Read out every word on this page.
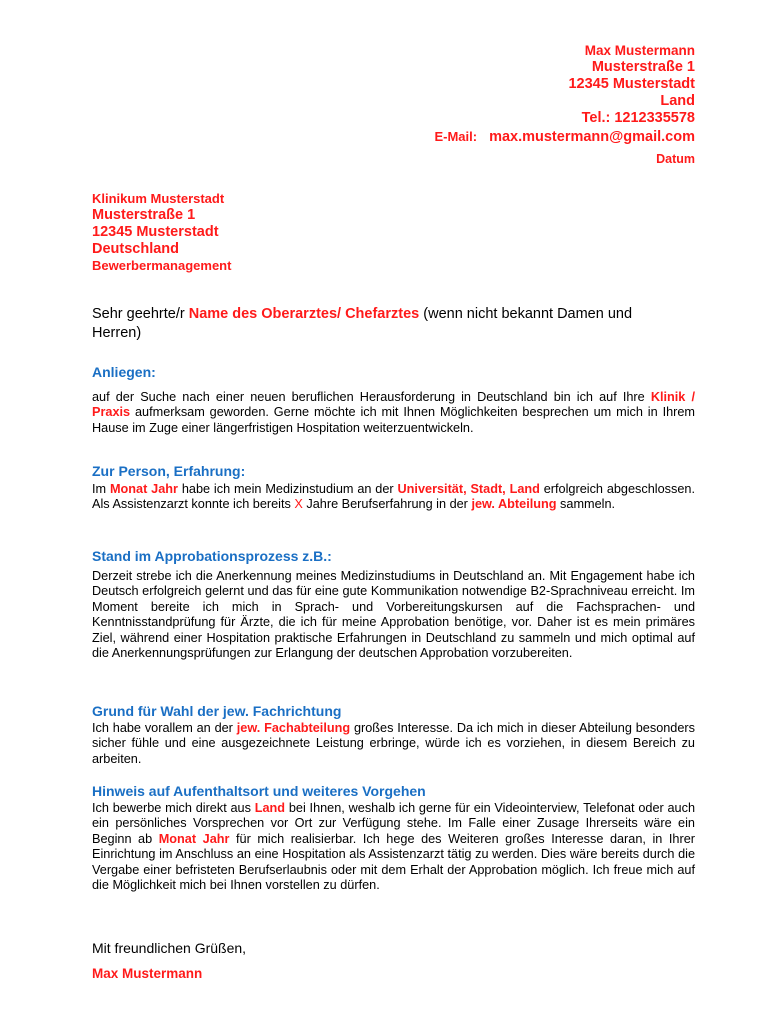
Max Mustermann
Musterstraße 1
12345 Musterstadt
Land
Tel.: 1212335578
E-Mail: max.mustermann@gmail.com
Datum
Klinikum Musterstadt
Musterstraße 1
12345 Musterstadt
Deutschland
Bewerbermanagement
Sehr geehrte/r Name des Oberarztes/ Chefarztes (wenn nicht bekannt Damen und Herren)
Anliegen:
auf der Suche nach einer neuen beruflichen Herausforderung in Deutschland bin ich auf Ihre Klinik / Praxis aufmerksam geworden. Gerne möchte ich mit Ihnen Möglichkeiten besprechen um mich in Ihrem Hause im Zuge einer längerfristigen Hospitation weiterzuentwickeln.
Zur Person, Erfahrung:
Im Monat Jahr habe ich mein Medizinstudium an der Universität, Stadt, Land erfolgreich abgeschlossen. Als Assistenzarzt konnte ich bereits X Jahre Berufserfahrung in der jew. Abteilung sammeln.
Stand im Approbationsprozess z.B.:
Derzeit strebe ich die Anerkennung meines Medizinstudiums in Deutschland an. Mit Engagement habe ich Deutsch erfolgreich gelernt und das für eine gute Kommunikation notwendige B2-Sprachniveau erreicht. Im Moment bereite ich mich in Sprach- und Vorbereitungskursen auf die Fachsprachen- und Kenntnisstandprüfung für Ärzte, die ich für meine Approbation benötige, vor. Daher ist es mein primäres Ziel, während einer Hospitation praktische Erfahrungen in Deutschland zu sammeln und mich optimal auf die Anerkennungsprüfungen zur Erlangung der deutschen Approbation vorzubereiten.
Grund für Wahl der jew. Fachrichtung
Ich habe vorallem an der jew. Fachabteilung großes Interesse. Da ich mich in dieser Abteilung besonders sicher fühle und eine ausgezeichnete Leistung erbringe, würde ich es vorziehen, in diesem Bereich zu arbeiten.
Hinweis auf Aufenthaltsort und weiteres Vorgehen
Ich bewerbe mich direkt aus Land bei Ihnen, weshalb ich gerne für ein Videointerview, Telefonat oder auch ein persönliches Vorsprechen vor Ort zur Verfügung stehe. Im Falle einer Zusage Ihrerseits wäre ein Beginn ab Monat Jahr für mich realisierbar. Ich hege des Weiteren großes Interesse daran, in Ihrer Einrichtung im Anschluss an eine Hospitation als Assistenzarzt tätig zu werden. Dies wäre bereits durch die Vergabe einer befristeten Berufserlaubnis oder mit dem Erhalt der Approbation möglich. Ich freue mich auf die Möglichkeit mich bei Ihnen vorstellen zu dürfen.
Mit freundlichen Grüßen,
Max Mustermann
